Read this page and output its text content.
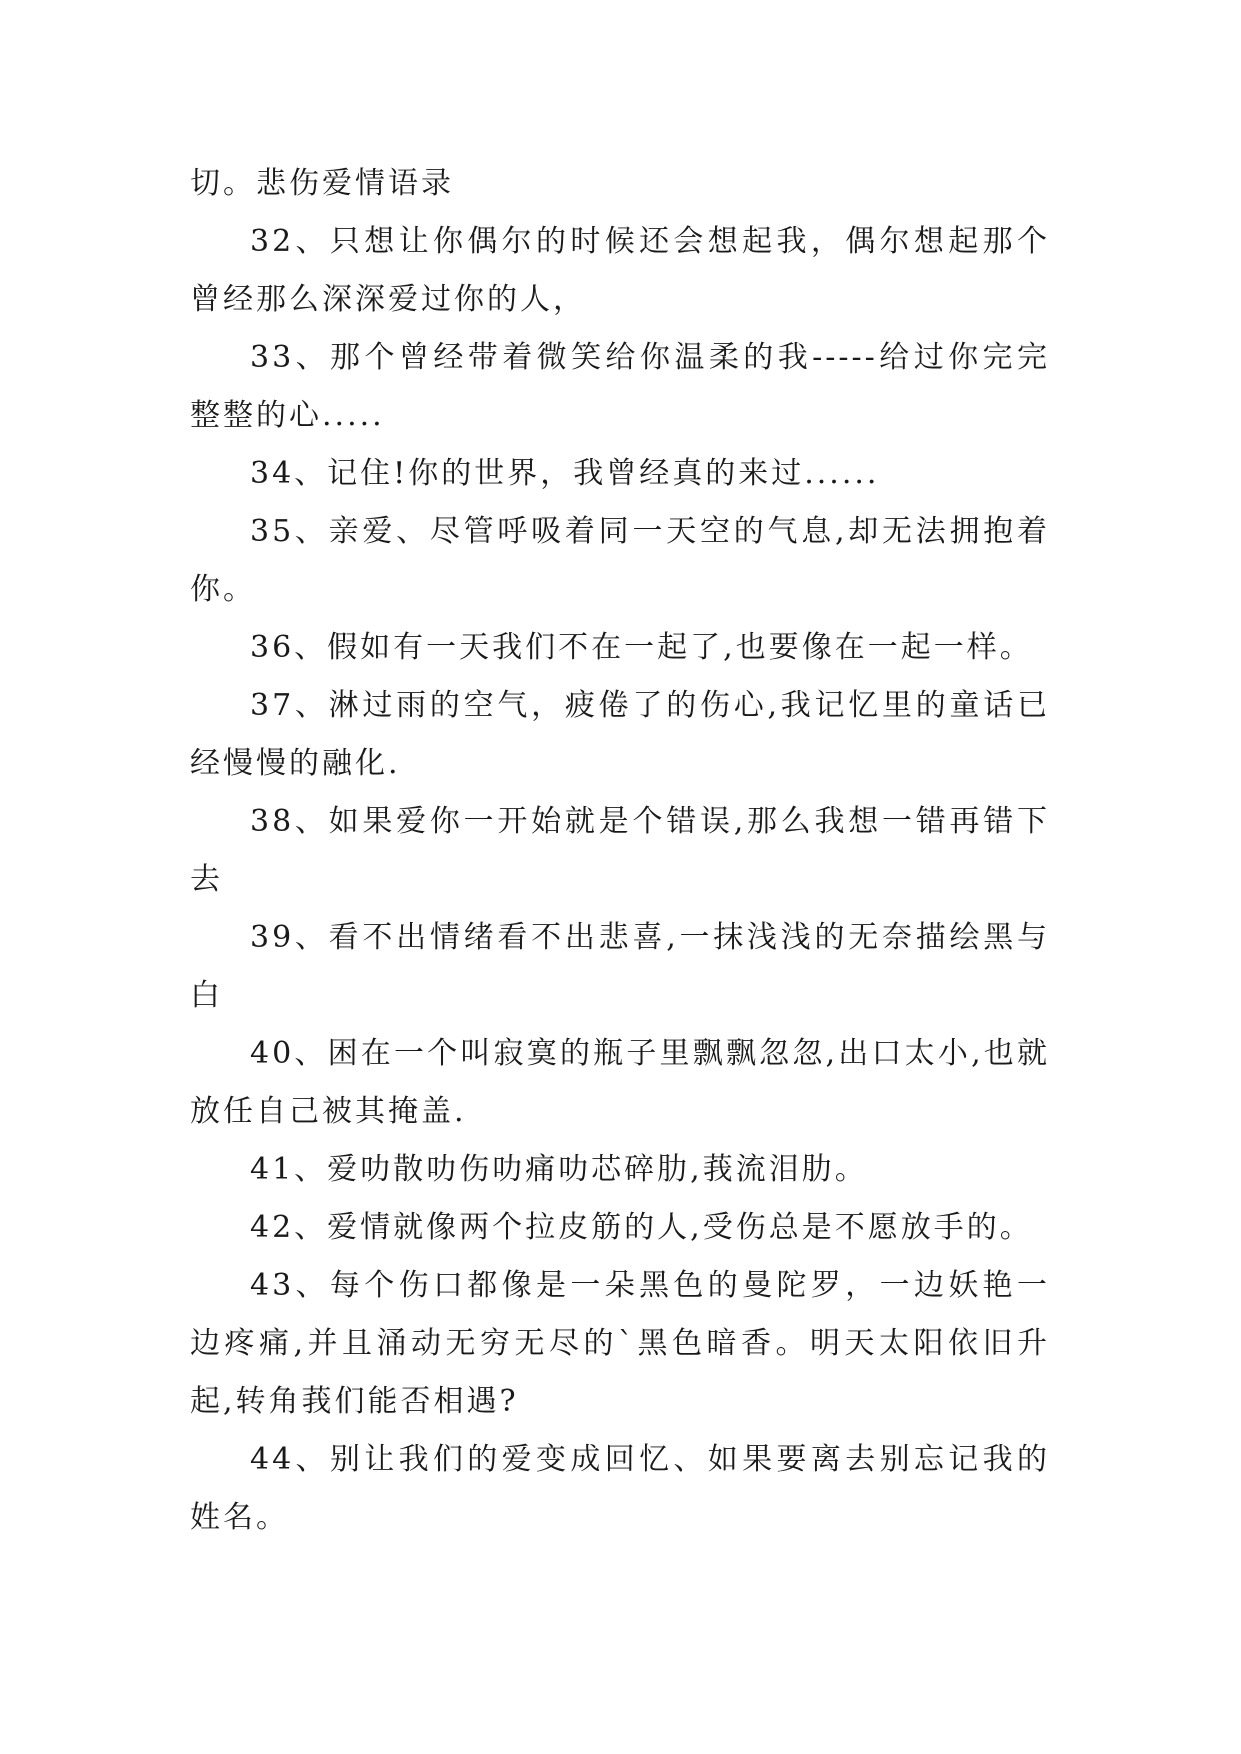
切。悲伤爱情语录

32、只想让你偶尔的时候还会想起我，偶尔想起那个曾经那么深深爱过你的人，

33、那个曾经带着微笑给你温柔的我-----给过你完完整整的心.....

34、记住!你的世界，我曾经真的来过......

35、亲爱、尽管呼吸着同一天空的气息,却无法拥抱着你。

36、假如有一天我们不在一起了,也要像在一起一样。

37、淋过雨的空气，疲倦了的伤心,我记忆里的童话已经慢慢的融化.

38、如果爱你一开始就是个错误,那么我想一错再错下去

39、看不出情绪看不出悲喜,一抹浅浅的无奈描绘黑与白

40、困在一个叫寂寞的瓶子里飘飘忽忽,出口太小,也就放任自己被其掩盖.

41、爱叻散叻伤叻痛叻芯碎肋,莪流泪肋。

42、爱情就像两个拉皮筋的人,受伤总是不愿放手的。

43、每个伤口都像是一朵黑色的曼陀罗，一边妖艳一边疼痛,并且涌动无穷无尽的`黑色暗香。明天太阳依旧升起,转角莪们能否相遇?

44、别让我们的爱变成回忆、如果要离去别忘记我的姓名。
